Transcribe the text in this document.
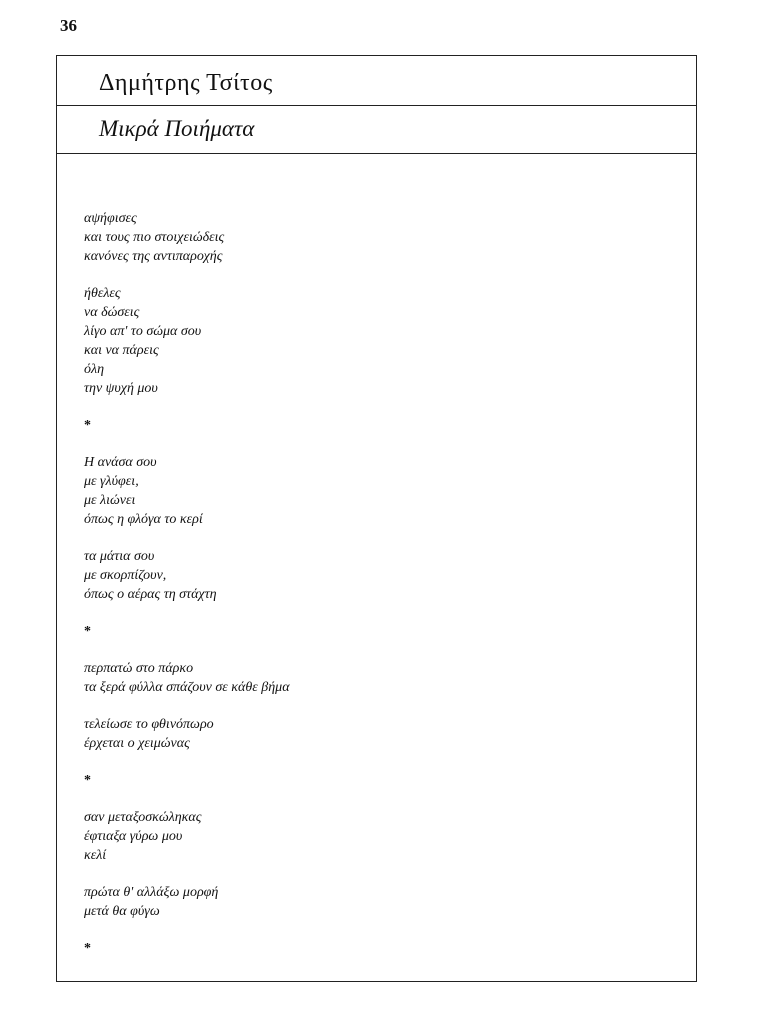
36
Δημήτρης Τσίτος
Μικρά Ποιήματα
αψήφισες
και τους πιο στοιχειώδεις
κανόνες της αντιπαροχής
ήθελες
να δώσεις
λίγο απ' το σώμα σου
και να πάρεις
όλη
την ψυχή μου
*
Η ανάσα σου
με γλύφει,
με λιώνει
όπως η φλόγα το κερί
τα μάτια σου
με σκορπίζουν,
όπως ο αέρας τη στάχτη
*
περπατώ στο πάρκο
τα ξερά φύλλα σπάζουν σε κάθε βήμα
τελείωσε το φθινόπωρο
έρχεται ο χειμώνας
*
σαν μεταξοσκώληκας
έφτιαξα γύρω μου
κελί
πρώτα θ' αλλάξω μορφή
μετά θα φύγω
*
